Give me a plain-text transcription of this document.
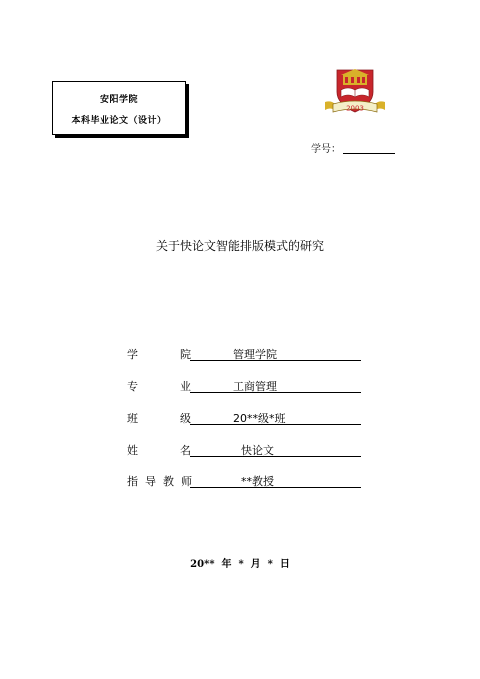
安阳学院
本科毕业论文（设计）
2003
学号：
关于快论文智能排版模式的研究
学	院	管理学院
专	业	工商管理
班	级	20**级*班
姓	名	快论文
指导教师	**教授
20**  年  *  月  *  日
